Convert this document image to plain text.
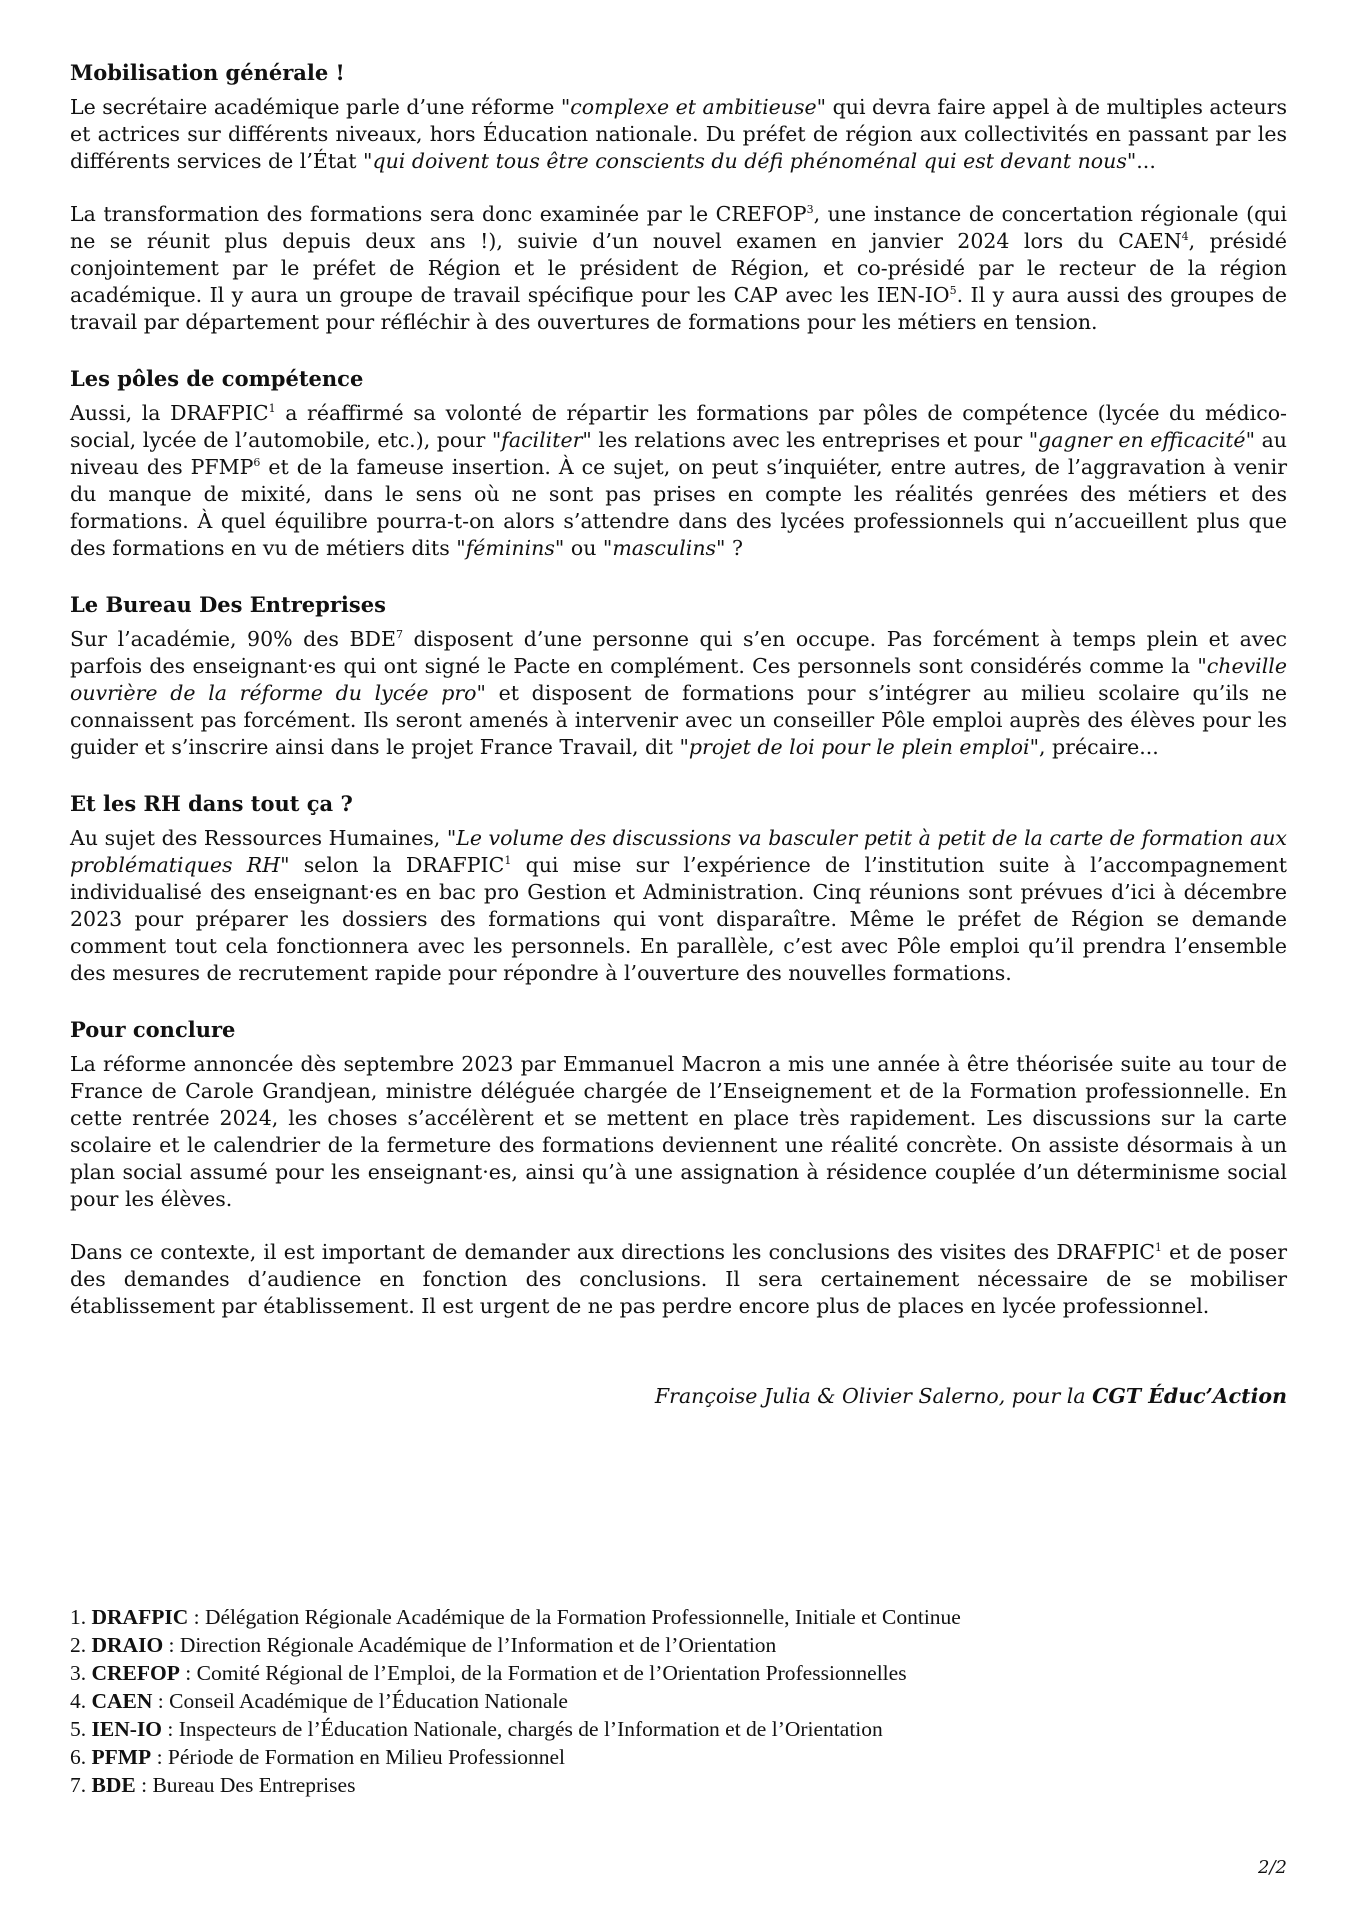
Mobilisation générale !

Le secrétaire académique parle d’une réforme "complexe et ambitieuse" qui devra faire appel à de multiples acteurs et actrices sur différents niveaux, hors Éducation nationale. Du préfet de région aux collectivités en passant par les différents services de l’État "qui doivent tous être conscients du défi phénoménal qui est devant nous"...

La transformation des formations sera donc examinée par le CREFOP$^3$, une instance de concertation régionale (qui ne se réunit plus depuis deux ans !), suivie d’un nouvel examen en janvier 2024 lors du CAEN$^4$, présidé conjointement par le préfet de Région et le président de Région, et co-présidé par le recteur de la région académique. Il y aura un groupe de travail spécifique pour les CAP avec les IEN-$IO^5$. Il y aura aussi des groupes de travail par département pour réfléchir à des ouvertures de formations pour les métiers en tension.

Les pôles de compétence

Aussi, la DRAFPIC$^1$ a réaffirmé sa volonté de répartir les formations par pôles de compétence (lycée du médico-social, lycée de l’automobile, etc.), pour "faciliter" les relations avec les entreprises et pour "gagner en efficacité" au niveau des PFMP$^6$ et de la fameuse insertion. À ce sujet, on peut s’inquiéter, entre autres, de l’aggravation à venir du manque de mixité, dans le sens où ne sont pas prises en compte les réalités genrées des métiers et des formations. À quel équilibre pourra-t-on alors s’attendre dans des lycées professionnels qui n’accueillent plus que des formations en vu de métiers dits "féminins" ou "masculins" ?

Le Bureau Des Entreprises

Sur l’académie, 90% des BDE$^7$ disposent d’une personne qui s’en occupe. Pas forcément à temps plein et avec parfois des enseignant·es qui ont signé le Pacte en complément. Ces personnels sont considérés comme la "cheville ouvrière de la réforme du lycée pro" et disposent de formations pour s’intégrer au milieu scolaire qu’ils ne connaissent pas forcément. Ils seront amenés à intervenir avec un conseiller Pôle emploi auprès des élèves pour les guider et s’inscrire ainsi dans le projet France Travail, dit "projet de loi pour le plein emploi", précaire...

Et les RH dans tout ça ?

Au sujet des Ressources Humaines, "Le volume des discussions va basculer petit à petit de la carte de formation aux problématiques RH" selon la DRAFPIC$^1$ qui mise sur l’expérience de l’institution suite à l’accompagnement individualisé des enseignant·es en bac pro Gestion et Administration. Cinq réunions sont prévues d’ici à décembre 2023 pour préparer les dossiers des formations qui vont disparaître. Même le préfet de Région se demande comment tout cela fonctionnera avec les personnels. En parallèle, c’est avec Pôle emploi qu’il prendra l’ensemble des mesures de recrutement rapide pour répondre à l’ouverture des nouvelles formations.

Pour conclure

La réforme annoncée dès septembre 2023 par Emmanuel Macron a mis une année à être théorisée suite au tour de France de Carole Grandjean, ministre déléguée chargée de l’Enseignement et de la Formation professionnelle. En cette rentrée 2024, les choses s’accélèrent et se mettent en place très rapidement. Les discussions sur la carte scolaire et le calendrier de la fermeture des formations deviennent une réalité concrète. On assiste désormais à un plan social assumé pour les enseignant·es, ainsi qu’à une assignation à résidence couplée d’un déterminisme social pour les élèves.

Dans ce contexte, il est important de demander aux directions les conclusions des visites des DRAFPIC$^1$ et de poser des demandes d’audience en fonction des conclusions. Il sera certainement nécessaire de se mobiliser établissement par établissement. Il est urgent de ne pas perdre encore plus de places en lycée professionnel.

Françoise Julia & Olivier Salerno, pour la CGT Éduc’Action

1. DRAFPIC : Délégation Régionale Académique de la Formation Professionnelle, Initiale et Continue

2. DRAIO : Direction Régionale Académique de l’Information et de l’Orientation

3. CREFOP : Comité Régional de l’Emploi, de la Formation et de l’Orientation Professionnelles

4. CAEN : Conseil Académique de l’Éducation Nationale

5. IEN-IO : Inspecteurs de l’Éducation Nationale, chargés de l’Information et de l’Orientation

6. PFMP : Période de Formation en Milieu Professionnel

7. BDE : Bureau Des Entreprises

2/2
